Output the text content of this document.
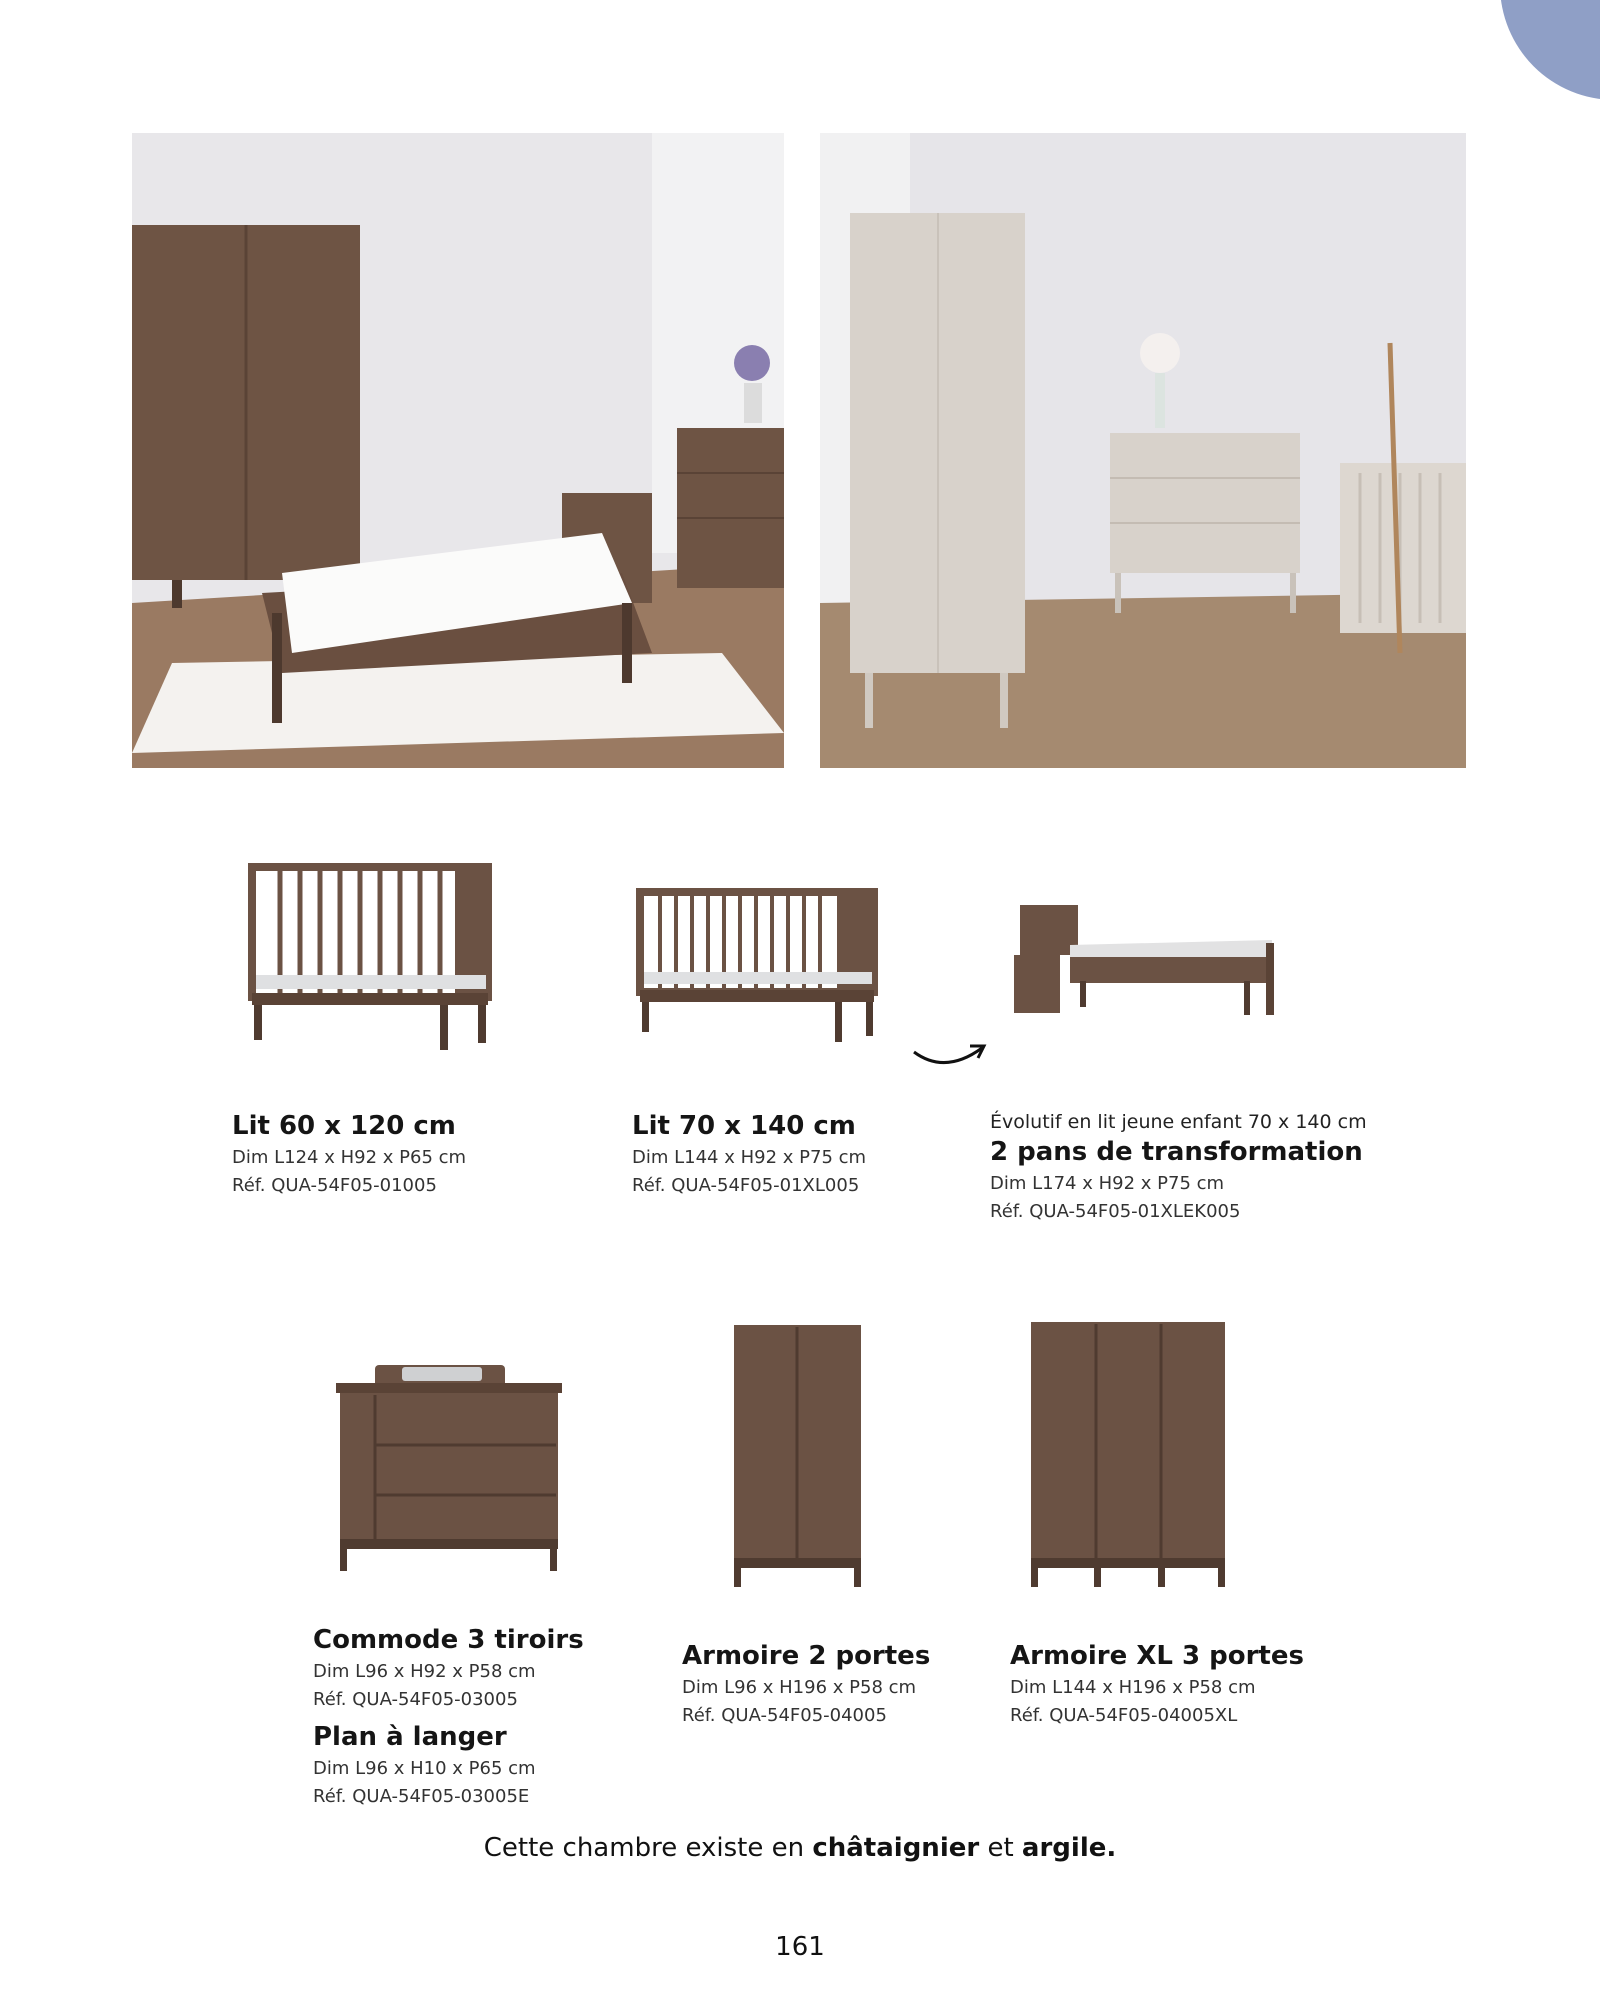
Lit 60 x 120 cm
Dim L124 x H92 x P65 cm
Réf. QUA-54F05-01005
Lit 70 x 140 cm
Dim L144 x H92 x P75 cm
Réf. QUA-54F05-01XL005
Évolutif en lit jeune enfant 70 x 140 cm
2 pans de transformation
Dim L174 x H92 x P75 cm
Réf. QUA-54F05-01XLEK005
Commode 3 tiroirs
Dim L96 x H92 x P58 cm
Réf. QUA-54F05-03005
Plan à langer
Dim L96 x H10 x P65 cm
Réf. QUA-54F05-03005E
Armoire 2 portes
Dim L96 x H196 x P58 cm
Réf. QUA-54F05-04005
Armoire XL 3 portes
Dim L144 x H196 x P58 cm
Réf. QUA-54F05-04005XL
Cette chambre existe en châtaignier et argile.
161
